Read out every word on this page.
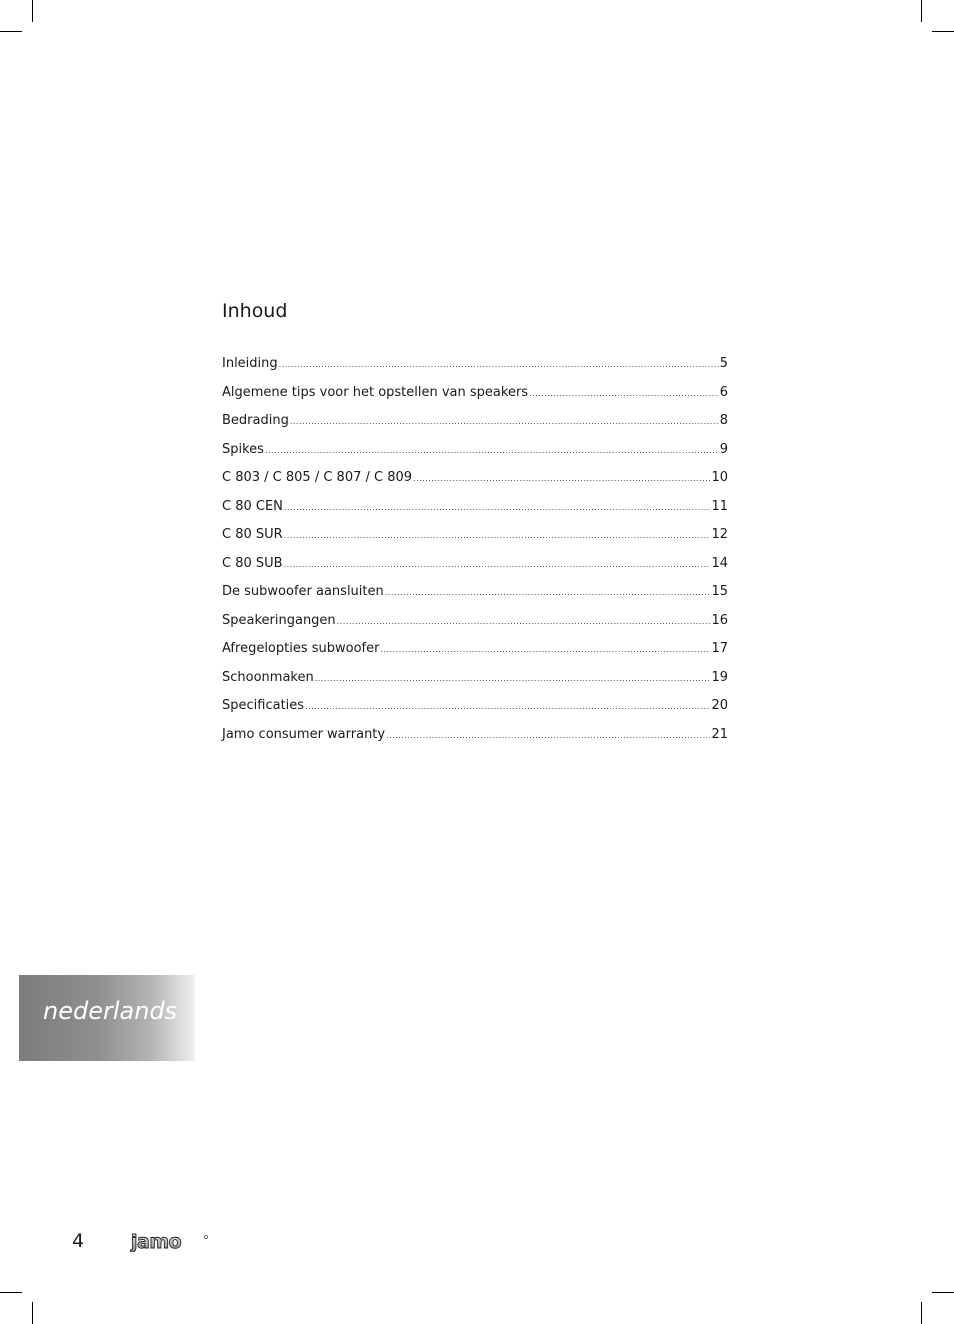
Inhoud
Inleiding .....	5
Algemene tips voor het opstellen van speakers .....	6
Bedrading .....	8
Spikes .....	9
C 803 / C 805 / C 807 / C 809 .....	10
C 80 CEN .....	11
C 80 SUR .....	12
C 80 SUB .....	14
De subwoofer aansluiten .....	15
Speakeringangen .....	16
Afregelopties subwoofer .....	17
Schoonmaken .....	19
Specificaties .....	20
Jamo consumer warranty .....	21
nederlands
4 jamo
